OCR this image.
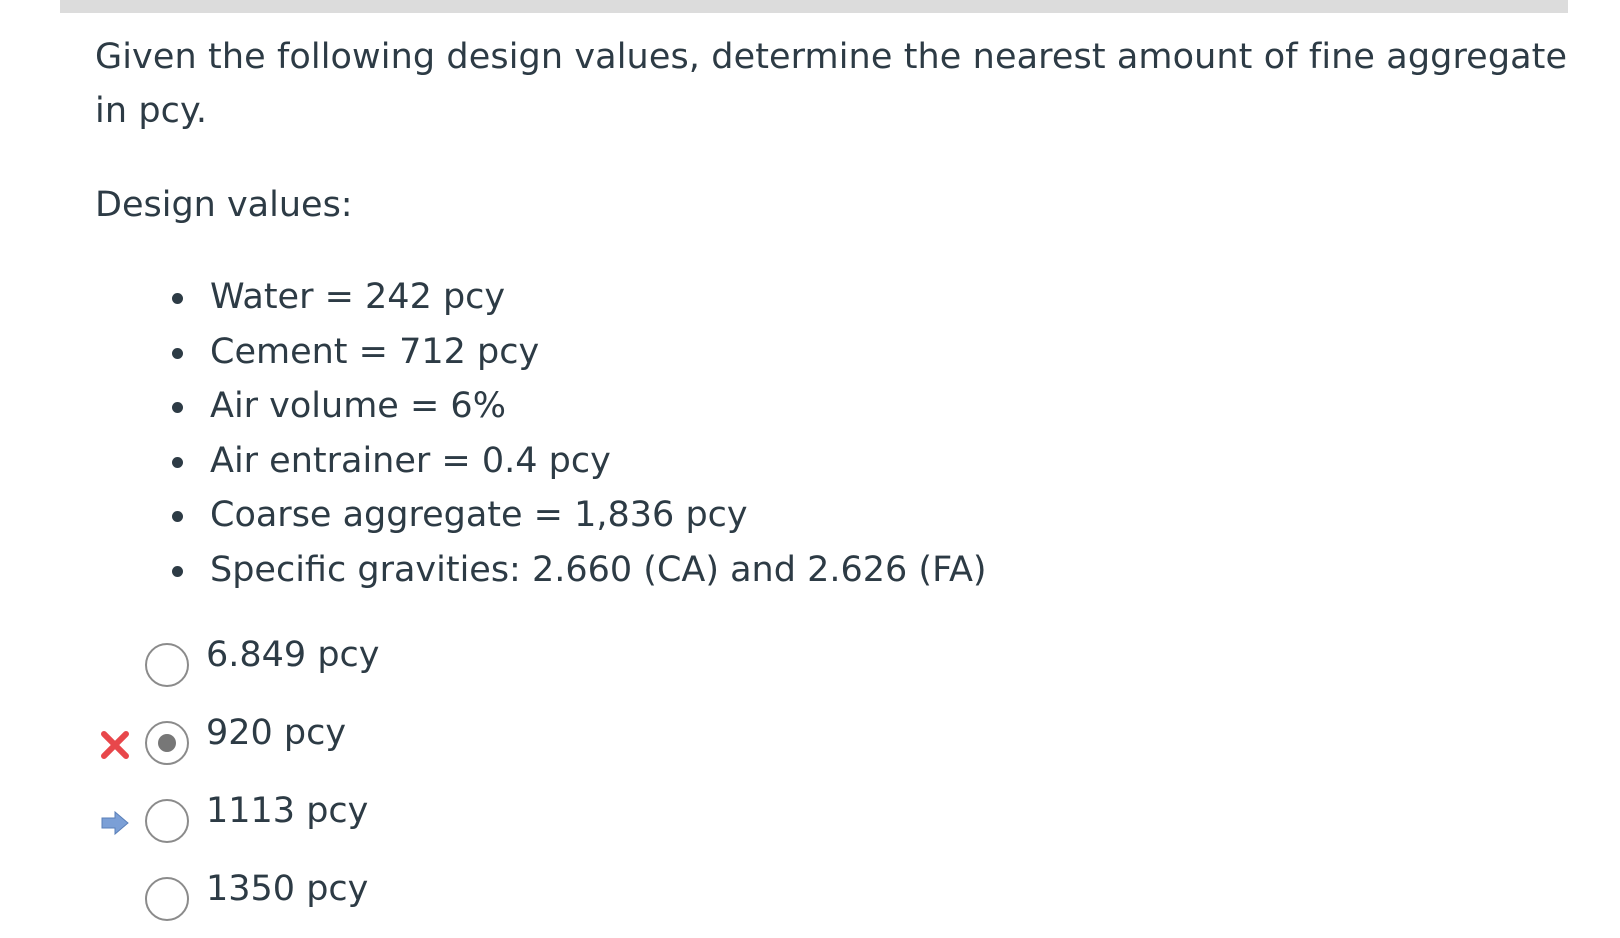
Given the following design values, determine the nearest amount of fine aggregate in pcy.

Design values:
Water = 242 pcy
Cement = 712 pcy
Air volume = 6%
Air entrainer = 0.4 pcy
Coarse aggregate = 1,836 pcy
Specific gravities: 2.660 (CA) and 2.626 (FA)
6.849 pcy
920 pcy
1113 pcy
1350 pcy
